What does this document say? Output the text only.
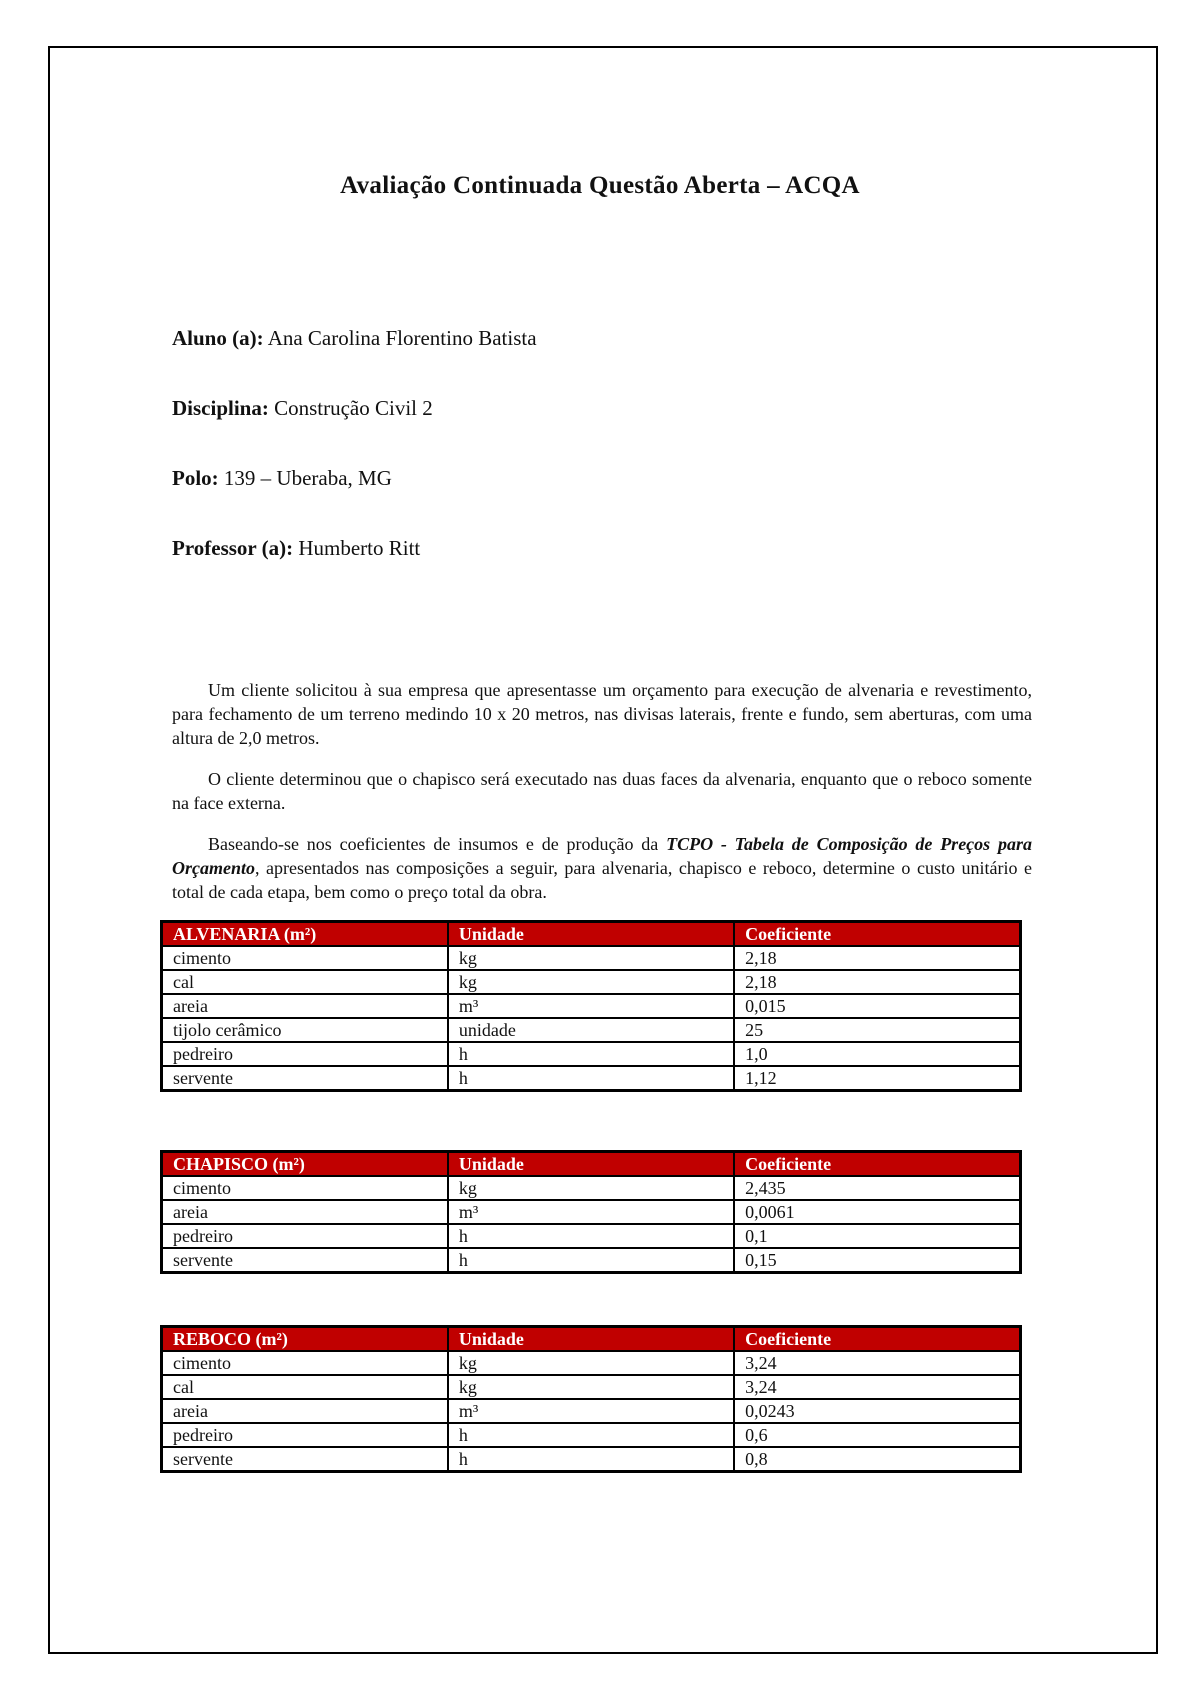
Avaliação Continuada Questão Aberta – ACQA
Aluno (a): Ana Carolina Florentino Batista
Disciplina: Construção Civil 2
Polo: 139 – Uberaba, MG
Professor (a): Humberto Ritt

Um cliente solicitou à sua empresa que apresentasse um orçamento para execução de alvenaria e revestimento, para fechamento de um terreno medindo 10 x 20 metros, nas divisas laterais, frente e fundo, sem aberturas, com uma altura de 2,0 metros.

O cliente determinou que o chapisco será executado nas duas faces da alvenaria, enquanto que o reboco somente na face externa.

Baseando-se nos coeficientes de insumos e de produção da TCPO - Tabela de Composição de Preços para Orçamento, apresentados nas composições a seguir, para alvenaria, chapisco e reboco, determine o custo unitário e total de cada etapa, bem como o preço total da obra.

ALVENARIA (m²)	Unidade	Coeficiente
cimento	kg	2,18
cal	kg	2,18
areia	m³	0,015
tijolo cerâmico	unidade	25
pedreiro	h	1,0
servente	h	1,12
CHAPISCO (m²)	Unidade	Coeficiente
cimento	kg	2,435
areia	m³	0,0061
pedreiro	h	0,1
servente	h	0,15
REBOCO (m²)	Unidade	Coeficiente
cimento	kg	3,24
cal	kg	3,24
areia	m³	0,0243
pedreiro	h	0,6
servente	h	0,8
